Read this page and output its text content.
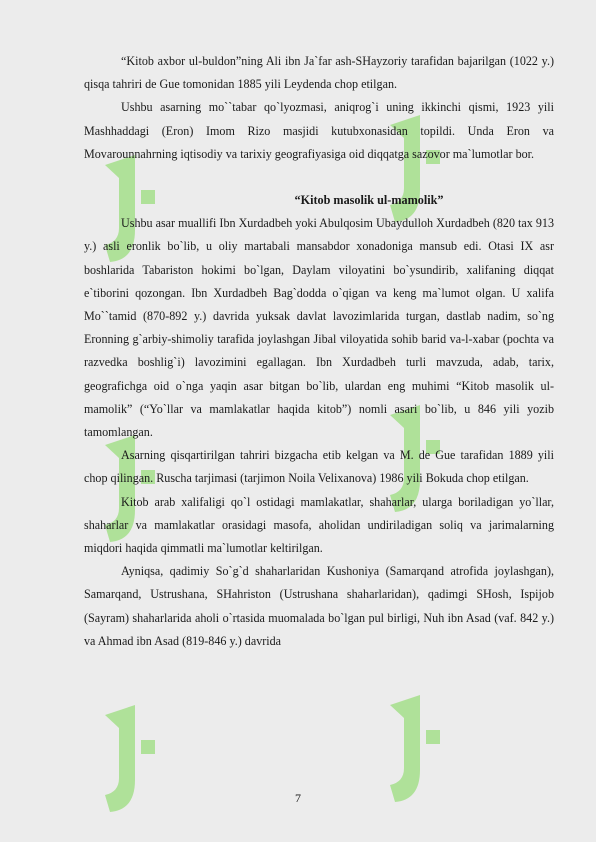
“Kitob axbor ul-buldon”ning Ali ibn Ja`far ash-SHayzoriy tarafidan bajarilgan (1022 y.) qisqa tahriri de Gue tomonidan 1885 yili Leydenda chop etilgan.

Ushbu asarning mo``tabar qo`lyozmasi, aniqrog`i uning ikkinchi qismi, 1923 yili Mashhaddagi (Eron) Imom Rizo masjidi kutubxonasidan topildi. Unda Eron va Movarounnahrning iqtisodiy va tarixiy geografiyasiga oid diqqatga sazovor ma`lumotlar bor.

“Kitob masolik ul-mamolik”

Ushbu asar muallifi Ibn Xurdadbeh yoki Abulqosim Ubaydulloh Xurdadbeh (820 tax 913 y.) asli eronlik bo`lib, u oliy martabali mansabdor xonadoniga mansub edi. Otasi IX asr boshlarida Tabariston hokimi bo`lgan, Daylam viloyatini bo`ysundirib, xalifaning diqqat e`tiborini qozongan. Ibn Xurdadbeh Bag`dodda o`qigan va keng ma`lumot olgan. U xalifa Mo``tamid (870-892 y.) davrida yuksak davlat lavozimlarida turgan, dastlab nadim, so`ng Eronning g`arbiy-shimoliy tarafida joylashgan Jibal viloyatida sohib barid va-l-xabar (pochta va razvedka boshlig`i) lavozimini egallagan. Ibn Xurdadbeh turli mavzuda, adab, tarix, geografichga oid o`nga yaqin asar bitgan bo`lib, ulardan eng muhimi “Kitob masolik ul-mamolik” (“Yo`llar va mamlakatlar haqida kitob”) nomli asari bo`lib, u 846 yili yozib tamomlangan.

Asarning qisqartirilgan tahriri bizgacha etib kelgan va M. de Gue tarafidan 1889 yili chop qilingan. Ruscha tarjimasi (tarjimon Noila Velixanova) 1986 yili Bokuda chop etilgan.

Kitob arab xalifaligi qo`l ostidagi mamlakatlar, shaharlar, ularga boriladigan yo`llar, shaharlar va mamlakatlar orasidagi masofa, aholidan undiriladigan soliq va jarimalarning miqdori haqida qimmatli ma`lumotlar keltirilgan.

Ayniqsa, qadimiy So`g`d shaharlaridan Kushoniya (Samarqand atrofida joylashgan), Samarqand, Ustrushana, SHahriston (Ustrushana shaharlaridan), qadimgi SHosh, Ispijob (Sayram) shaharlarida aholi o`rtasida muomalada bo`lgan pul birligi, Nuh ibn Asad (vaf. 842 y.) va Ahmad ibn Asad (819-846 y.) davrida

7
